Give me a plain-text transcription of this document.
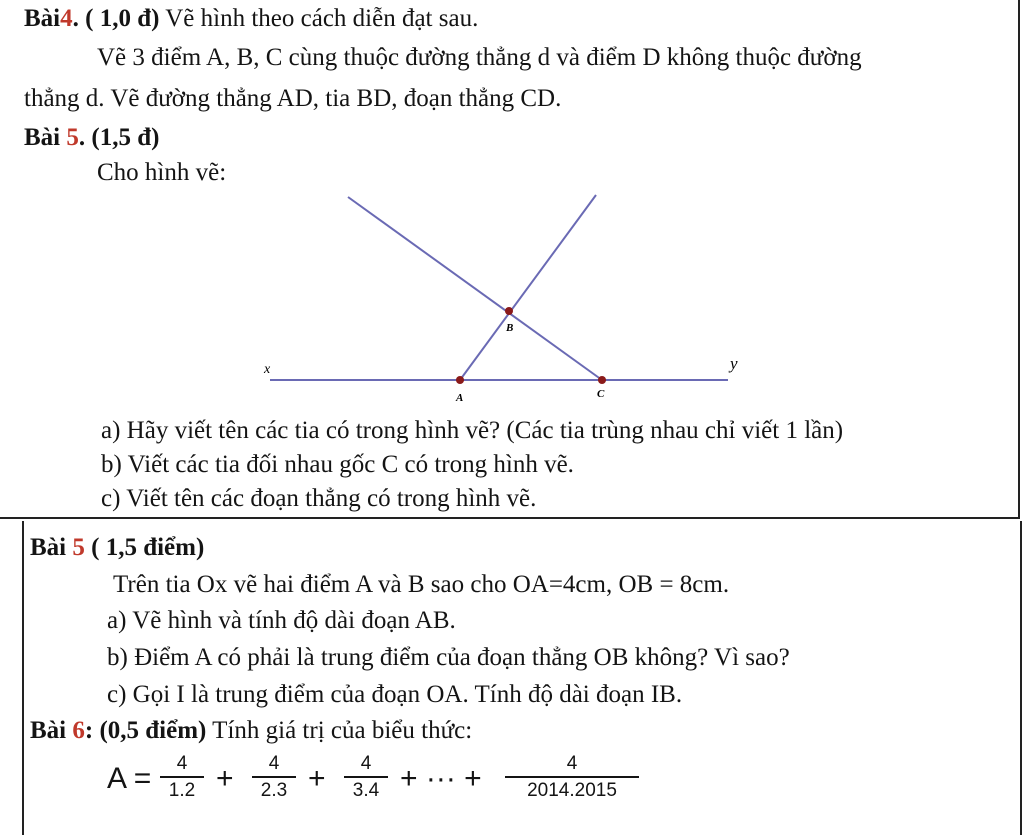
Bài4. ( 1,0 đ) Vẽ hình theo cách diễn đạt sau.
Vẽ 3 điểm A, B, C cùng thuộc đường thẳng d và điểm D không thuộc đường
thẳng d. Vẽ đường thẳng AD, tia BD, đoạn thẳng CD.
Bài 5. (1,5 đ)
Cho hình vẽ:
x	y
A
B
C
a) Hãy viết tên các tia có trong hình vẽ? (Các tia trùng nhau chỉ viết 1 lần)
b) Viết các tia đối nhau gốc C có trong hình vẽ.
c) Viết tên các đoạn thẳng có trong hình vẽ.
Bài 5 ( 1,5 điểm)
Trên tia Ox vẽ hai điểm A và B sao cho OA=4cm, OB = 8cm.
a) Vẽ hình và tính độ dài đoạn AB.
b) Điểm A có phải là trung điểm của đoạn thẳng OB không? Vì sao?
c) Gọi I là trung điểm của đoạn OA. Tính độ dài đoạn IB.
Bài 6: (0,5 điểm) Tính giá trị của biểu thức:
$A = \frac{4}{1.2} + \frac{4}{2.3} + \frac{4}{3.4}$ + ··· + $\frac{4}{2014.2015}$
